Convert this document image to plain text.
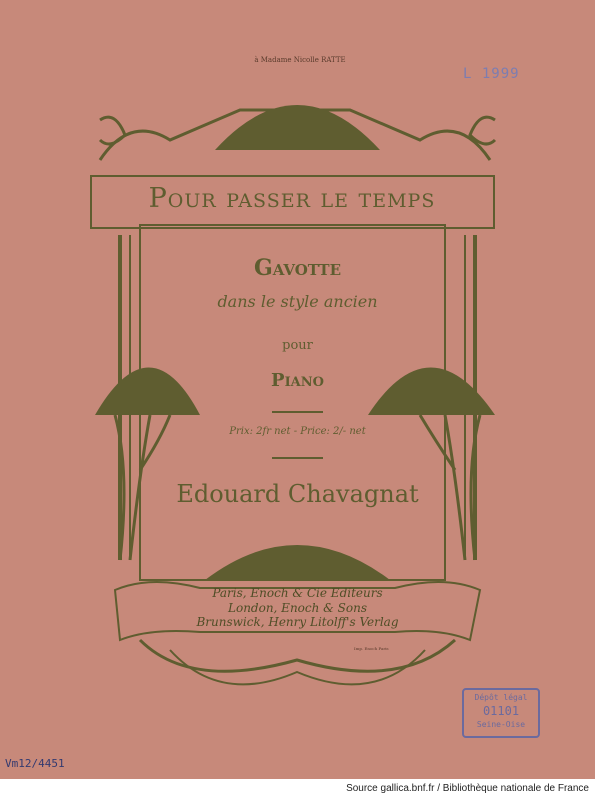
à Madame Nicolle RATTE
L 1999
Pour passer le temps
Gavotte
dans le style ancien
pour
Piano
Prix: 2fr net - Price: 2/- net
Edouard Chavagnat
Paris, Enoch & Cie Editeurs
London, Enoch & Sons
Brunswick, Henry Litolff's Verlag
Imp. Enoch Paris
Dépôt légal
01101
Seine-Oise
Vm12/4451
Source gallica.bnf.fr / Bibliothèque nationale de France
